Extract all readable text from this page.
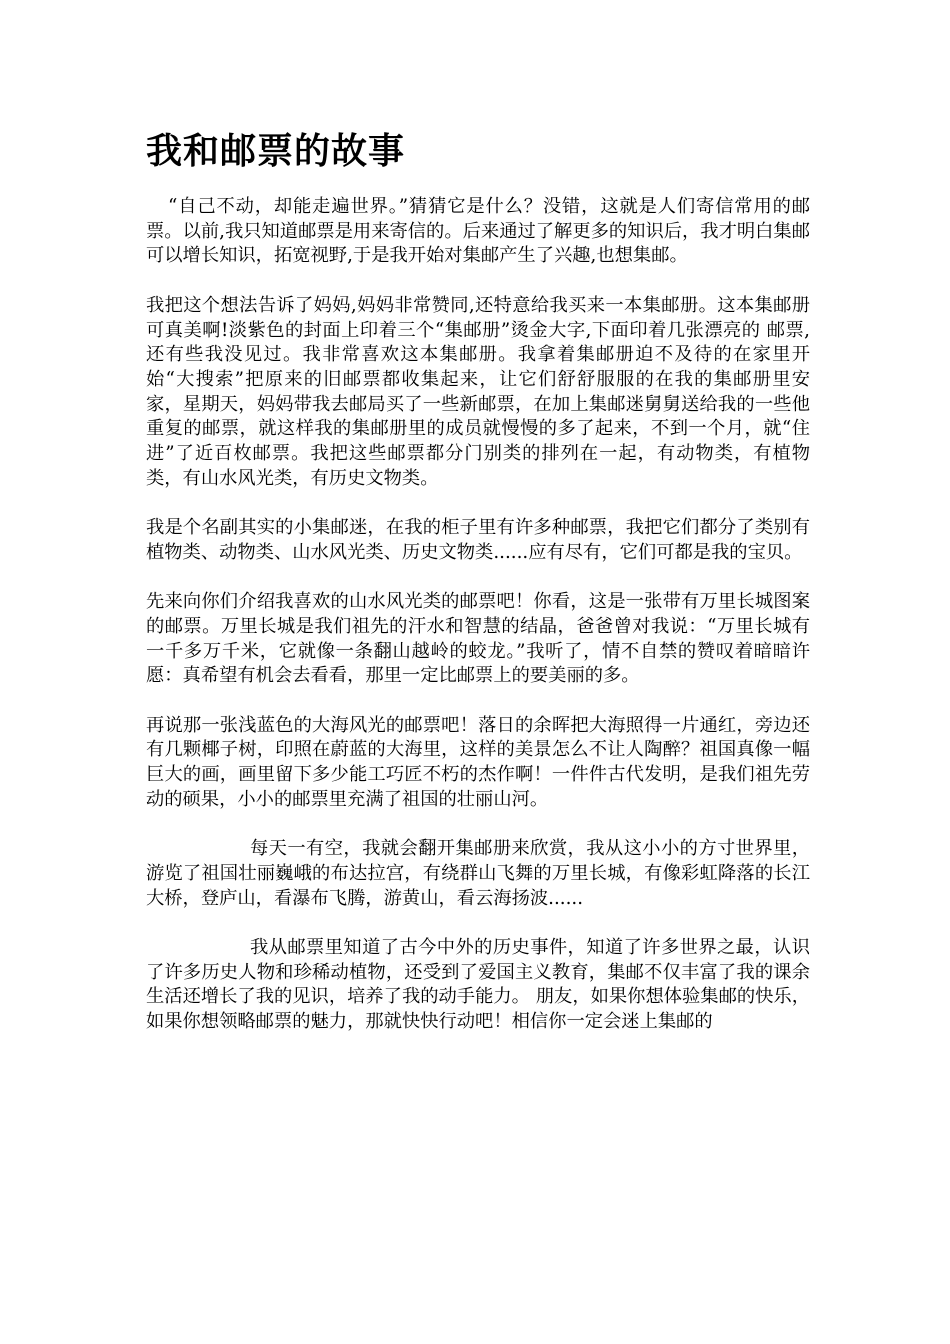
我和邮票的故事

“自己不动，却能走遍世界。”猜猜它是什么？没错，这就是人们寄信常用的邮票。以前,我只知道邮票是用来寄信的。后来通过了解更多的知识后，我才明白集邮可以增长知识，拓宽视野,于是我开始对集邮产生了兴趣,也想集邮。

我把这个想法告诉了妈妈,妈妈非常赞同,还特意给我买来一本集邮册。这本集邮册可真美啊!淡紫色的封面上印着三个“集邮册”烫金大字,下面印着几张漂亮的 邮票,还有些我没见过。我非常喜欢这本集邮册。我拿着集邮册迫不及待的在家里开始“大搜索”把原来的旧邮票都收集起来，让它们舒舒服服的在我的集邮册里安 家，星期天，妈妈带我去邮局买了一些新邮票，在加上集邮迷舅舅送给我的一些他重复的邮票，就这样我的集邮册里的成员就慢慢的多了起来，不到一个月，就“住 进”了近百枚邮票。我把这些邮票都分门别类的排列在一起，有动物类，有植物类，有山水风光类，有历史文物类。

我是个名副其实的小集邮迷，在我的柜子里有许多种邮票，我把它们都分了类别有植物类、动物类、山水风光类、历史文物类......应有尽有，它们可都是我的宝贝。

先来向你们介绍我喜欢的山水风光类的邮票吧！你看，这是一张带有万里长城图案的邮票。万里长城是我们祖先的汗水和智慧的结晶，爸爸曾对我说：“万里长城有 一千多万千米，它就像一条翻山越岭的蛟龙。”我听了，情不自禁的赞叹着暗暗许愿：真希望有机会去看看，那里一定比邮票上的要美丽的多。

再说那一张浅蓝色的大海风光的邮票吧！落日的余晖把大海照得一片通红，旁边还有几颗椰子树，印照在蔚蓝的大海里，这样的美景怎么不让人陶醉？祖国真像一幅 巨大的画，画里留下多少能工巧匠不朽的杰作啊！一件件古代发明，是我们祖先劳动的硕果，小小的邮票里充满了祖国的壮丽山河。

每天一有空，我就会翻开集邮册来欣赏，我从这小小的方寸世界里，游览了祖国壮丽巍峨的布达拉宫，有绕群山飞舞的万里长城，有像彩虹降落的长江大桥，登庐山，看瀑布飞腾，游黄山，看云海扬波......

我从邮票里知道了古今中外的历史事件，知道了许多世界之最，认识了许多历史人物和珍稀动植物，还受到了爱国主义教育，集邮不仅丰富了我的课余生活还增长了我的见识，培养了我的动手能力。 朋友，如果你想体验集邮的快乐，如果你想领略邮票的魅力，那就快快行动吧！相信你一定会迷上集邮的
